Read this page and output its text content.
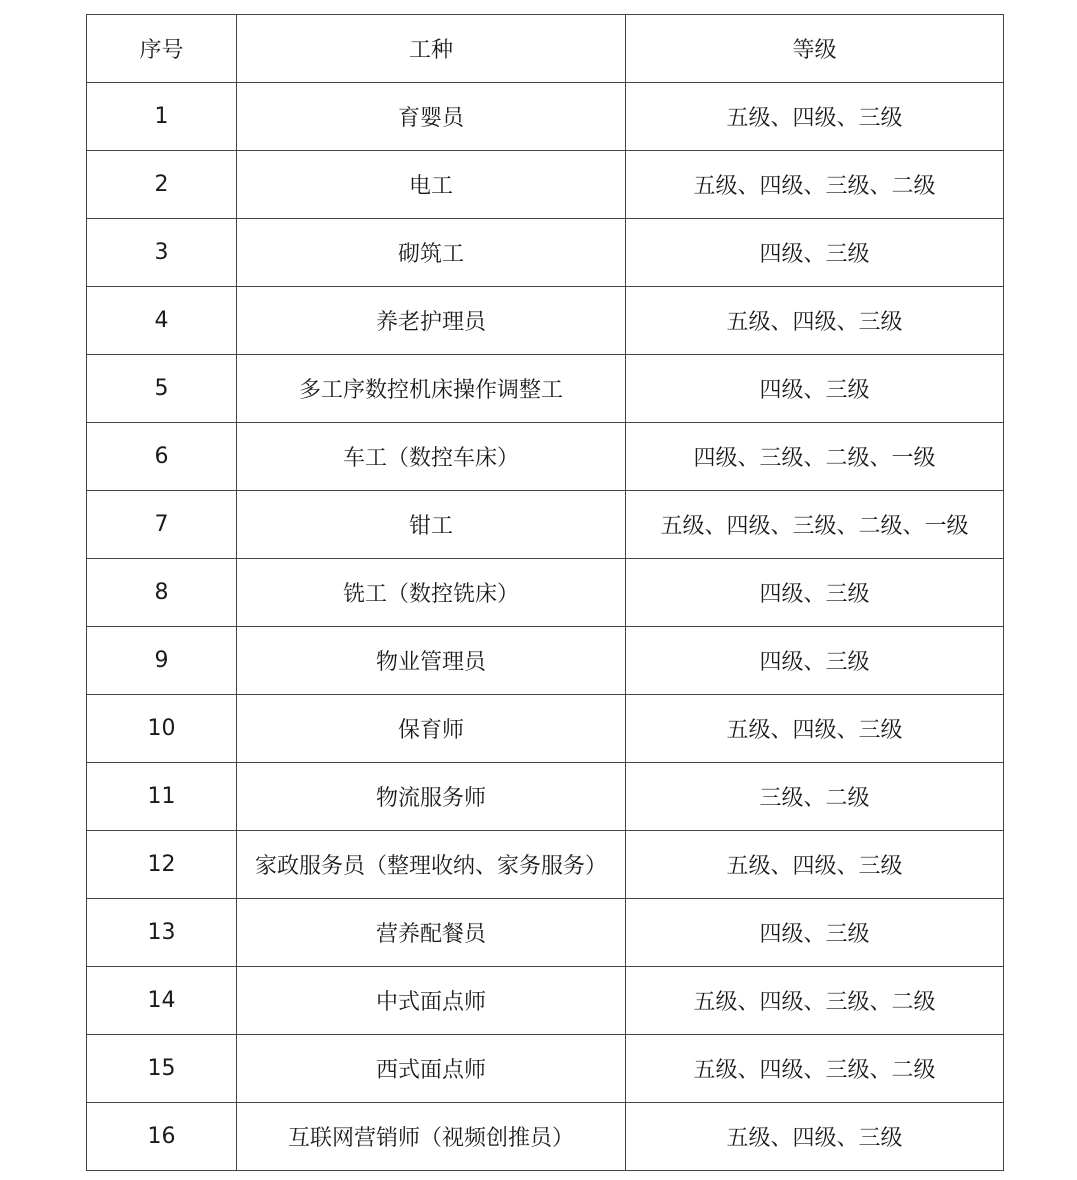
序号	工种	等级
1	育婴员	五级、四级、三级
2	电工	五级、四级、三级、二级
3	砌筑工	四级、三级
4	养老护理员	五级、四级、三级
5	多工序数控机床操作调整工	四级、三级
6	车工（数控车床）	四级、三级、二级、一级
7	钳工	五级、四级、三级、二级、一级
8	铣工（数控铣床）	四级、三级
9	物业管理员	四级、三级
10	保育师	五级、四级、三级
11	物流服务师	三级、二级
12	家政服务员（整理收纳、家务服务）	五级、四级、三级
13	营养配餐员	四级、三级
14	中式面点师	五级、四级、三级、二级
15	西式面点师	五级、四级、三级、二级
16	互联网营销师（视频创推员）	五级、四级、三级
